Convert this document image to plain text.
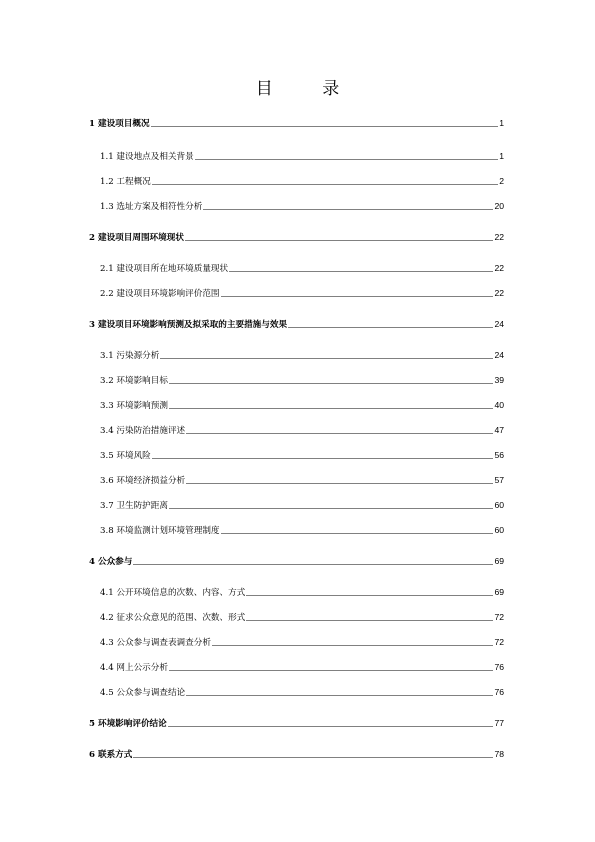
目 录
1 建设项目概况	1
1.1 建设地点及相关背景	1
1.2 工程概况	2
1.3 选址方案及相符性分析	20
2 建设项目周围环境现状	22
2.1 建设项目所在地环境质量现状	22
2.2 建设项目环境影响评价范围	22
3 建设项目环境影响预测及拟采取的主要措施与效果	24
3.1 污染源分析	24
3.2 环境影响目标	39
3.3 环境影响预测	40
3.4 污染防治措施评述	47
3.5 环境风险	56
3.6 环境经济损益分析	57
3.7 卫生防护距离	60
3.8 环境监测计划环境管理制度	60
4 公众参与	69
4.1 公开环境信息的次数、内容、方式	69
4.2 征求公众意见的范围、次数、形式	72
4.3 公众参与调查表调查分析	72
4.4 网上公示分析	76
4.5 公众参与调查结论	76
5 环境影响评价结论	77
6 联系方式	78
